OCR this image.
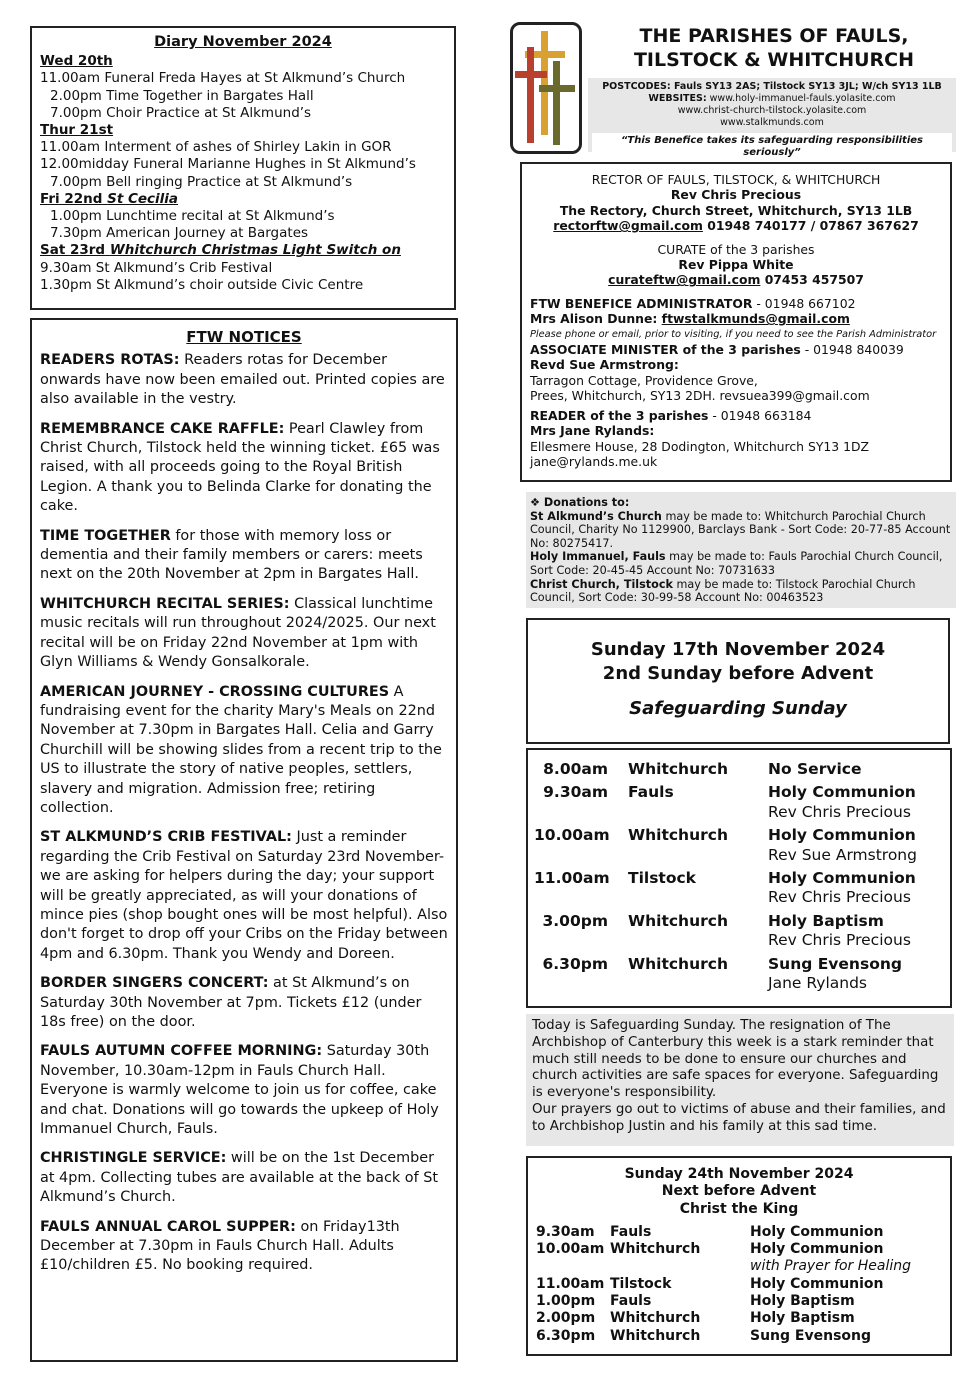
Diary November 2024
Wed 20th
11.00am Funeral Freda Hayes at St Alkmund’s Church
2.00pm Time Together in Bargates Hall
7.00pm Choir Practice at St Alkmund’s
Thur 21st
11.00am Interment of ashes of Shirley Lakin in GOR
12.00midday Funeral Marianne Hughes in St Alkmund’s
7.00pm Bell ringing Practice at St Alkmund’s
Fri 22nd St Cecilia
1.00pm Lunchtime recital at St Alkmund’s
7.30pm American Journey at Bargates
Sat 23rd Whitchurch Christmas Light Switch on
9.30am St Alkmund’s Crib Festival
1.30pm St Alkmund’s choir outside Civic Centre
FTW NOTICES
READERS ROTAS: Readers rotas for December onwards have now been emailed out. Printed copies are also available in the vestry.
REMEMBRANCE CAKE RAFFLE: Pearl Clawley from Christ Church, Tilstock held the winning ticket. £65 was raised, with all proceeds going to the Royal British Legion. A thank you to Belinda Clarke for donating the cake.
TIME TOGETHER for those with memory loss or dementia and their family members or carers: meets next on the 20th November at 2pm in Bargates Hall.
WHITCHURCH RECITAL SERIES: Classical lunchtime music recitals will run throughout 2024/2025. Our next recital will be on Friday 22nd November at 1pm with Glyn Williams & Wendy Gonsalkorale.
AMERICAN JOURNEY - CROSSING CULTURES A fundraising event for the charity Mary's Meals on 22nd November at 7.30pm in Bargates Hall. Celia and Garry Churchill will be showing slides from a recent trip to the US to illustrate the story of native peoples, settlers, slavery and migration. Admission free; retiring collection.
ST ALKMUND’S CRIB FESTIVAL: Just a reminder regarding the Crib Festival on Saturday 23rd November- we are asking for helpers during the day; your support will be greatly appreciated, as will your donations of mince pies (shop bought ones will be most helpful). Also don't forget to drop off your Cribs on the Friday between 4pm and 6.30pm. Thank you Wendy and Doreen.
BORDER SINGERS CONCERT: at St Alkmund’s on Saturday 30th November at 7pm. Tickets £12 (under 18s free) on the door.
FAULS AUTUMN COFFEE MORNING: Saturday 30th November, 10.30am-12pm in Fauls Church Hall. Everyone is warmly welcome to join us for coffee, cake and chat. Donations will go towards the upkeep of Holy Immanuel Church, Fauls.
CHRISTINGLE SERVICE: will be on the 1st December at 4pm. Collecting tubes are available at the back of St Alkmund’s Church.
FAULS ANNUAL CAROL SUPPER: on Friday13th December at 7.30pm in Fauls Church Hall. Adults £10/children £5. No booking required.
THE PARISHES OF FAULS,
TILSTOCK & WHITCHURCH
POSTCODES: Fauls SY13 2AS; Tilstock SY13 3JL; W/ch SY13 1LB
WEBSITES: www.holy-immanuel-fauls.yolasite.com
www.christ-church-tilstock.yolasite.com
www.stalkmunds.com
“This Benefice takes its safeguarding responsibilities seriously”
RECTOR OF FAULS, TILSTOCK, & WHITCHURCH
Rev Chris Precious
The Rectory, Church Street, Whitchurch, SY13 1LB
rectorftw@gmail.com 01948 740177 / 07867 367627
CURATE of the 3 parishes
Rev Pippa White
curateftw@gmail.com 07453 457507
FTW BENEFICE ADMINISTRATOR - 01948 667102
Mrs Alison Dunne: ftwstalkmunds@gmail.com
Please phone or email, prior to visiting, if you need to see the Parish Administrator
ASSOCIATE MINISTER of the 3 parishes - 01948 840039
Revd Sue Armstrong:
Tarragon Cottage, Providence Grove,
Prees, Whitchurch, SY13 2DH. revsuea399@gmail.com
READER of the 3 parishes - 01948 663184
Mrs Jane Rylands:
Ellesmere House, 28 Dodington, Whitchurch SY13 1DZ
jane@rylands.me.uk
❖ Donations to:
St Alkmund’s Church may be made to: Whitchurch Parochial Church Council, Charity No 1129900, Barclays Bank - Sort Code: 20-77-85 Account No: 80275417.
Holy Immanuel, Fauls may be made to: Fauls Parochial Church Council, Sort Code: 20-45-45 Account No: 70731633
Christ Church, Tilstock may be made to: Tilstock Parochial Church Council, Sort Code: 30-99-58 Account No: 00463523
Sunday 17th November 2024
2nd Sunday before Advent
Safeguarding Sunday
8.00am	Whitchurch	No Service
9.30am	Fauls	Holy Communion
Rev Chris Precious
10.00am	Whitchurch	Holy Communion
Rev Sue Armstrong
11.00am	Tilstock	Holy Communion
Rev Chris Precious
3.00pm	Whitchurch	Holy Baptism
Rev Chris Precious
6.30pm	Whitchurch	Sung Evensong
Jane Rylands
Today is Safeguarding Sunday. The resignation of The Archbishop of Canterbury this week is a stark reminder that much still needs to be done to ensure our churches and church activities are safe spaces for everyone. Safeguarding is everyone's responsibility.
Our prayers go out to victims of abuse and their families, and to Archbishop Justin and his family at this sad time.
Sunday 24th November 2024
Next before Advent
Christ the King
9.30am	Fauls	Holy Communion
10.00am Whitchurch	Holy Communion
with Prayer for Healing
11.00am Tilstock	Holy Communion
1.00pm	Fauls	Holy Baptism
2.00pm	Whitchurch	Holy Baptism
6.30pm	Whitchurch	Sung Evensong
